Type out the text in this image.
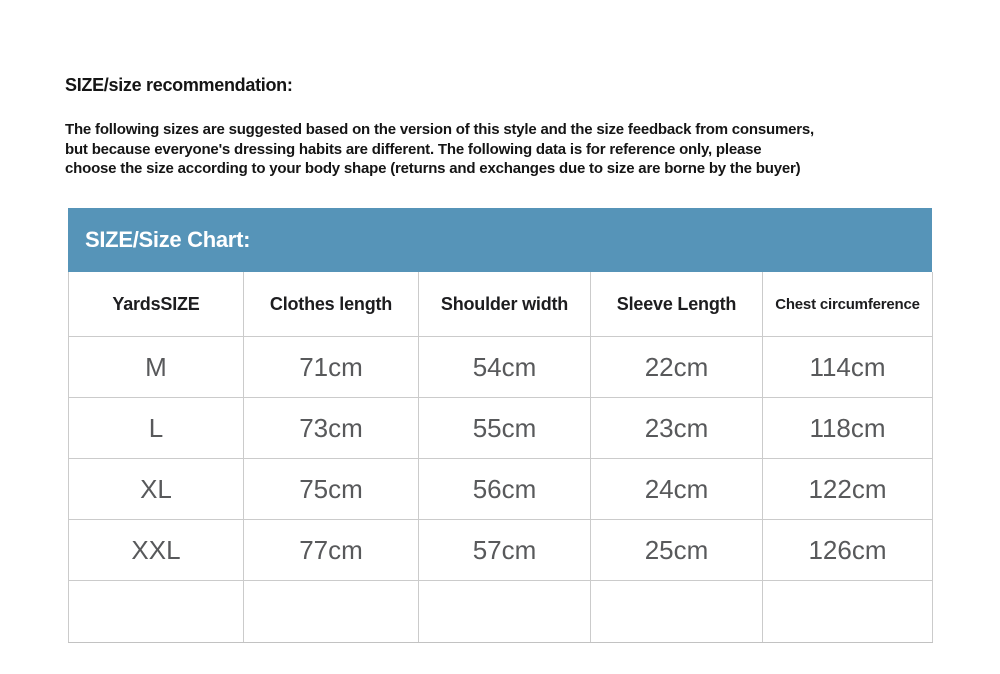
SIZE/size recommendation:
The following sizes are suggested based on the version of this style and the size feedback from consumers,
but because everyone's dressing habits are different. The following data is for reference only, please
choose the size according to your body shape (returns and exchanges due to size are borne by the buyer)
SIZE/Size Chart:
YardsSIZE	Clothes length	Shoulder width	Sleeve Length	Chest circumference
M	71cm	54cm	22cm	114cm
L	73cm	55cm	23cm	118cm
XL	75cm	56cm	24cm	122cm
XXL	77cm	57cm	25cm	126cm
